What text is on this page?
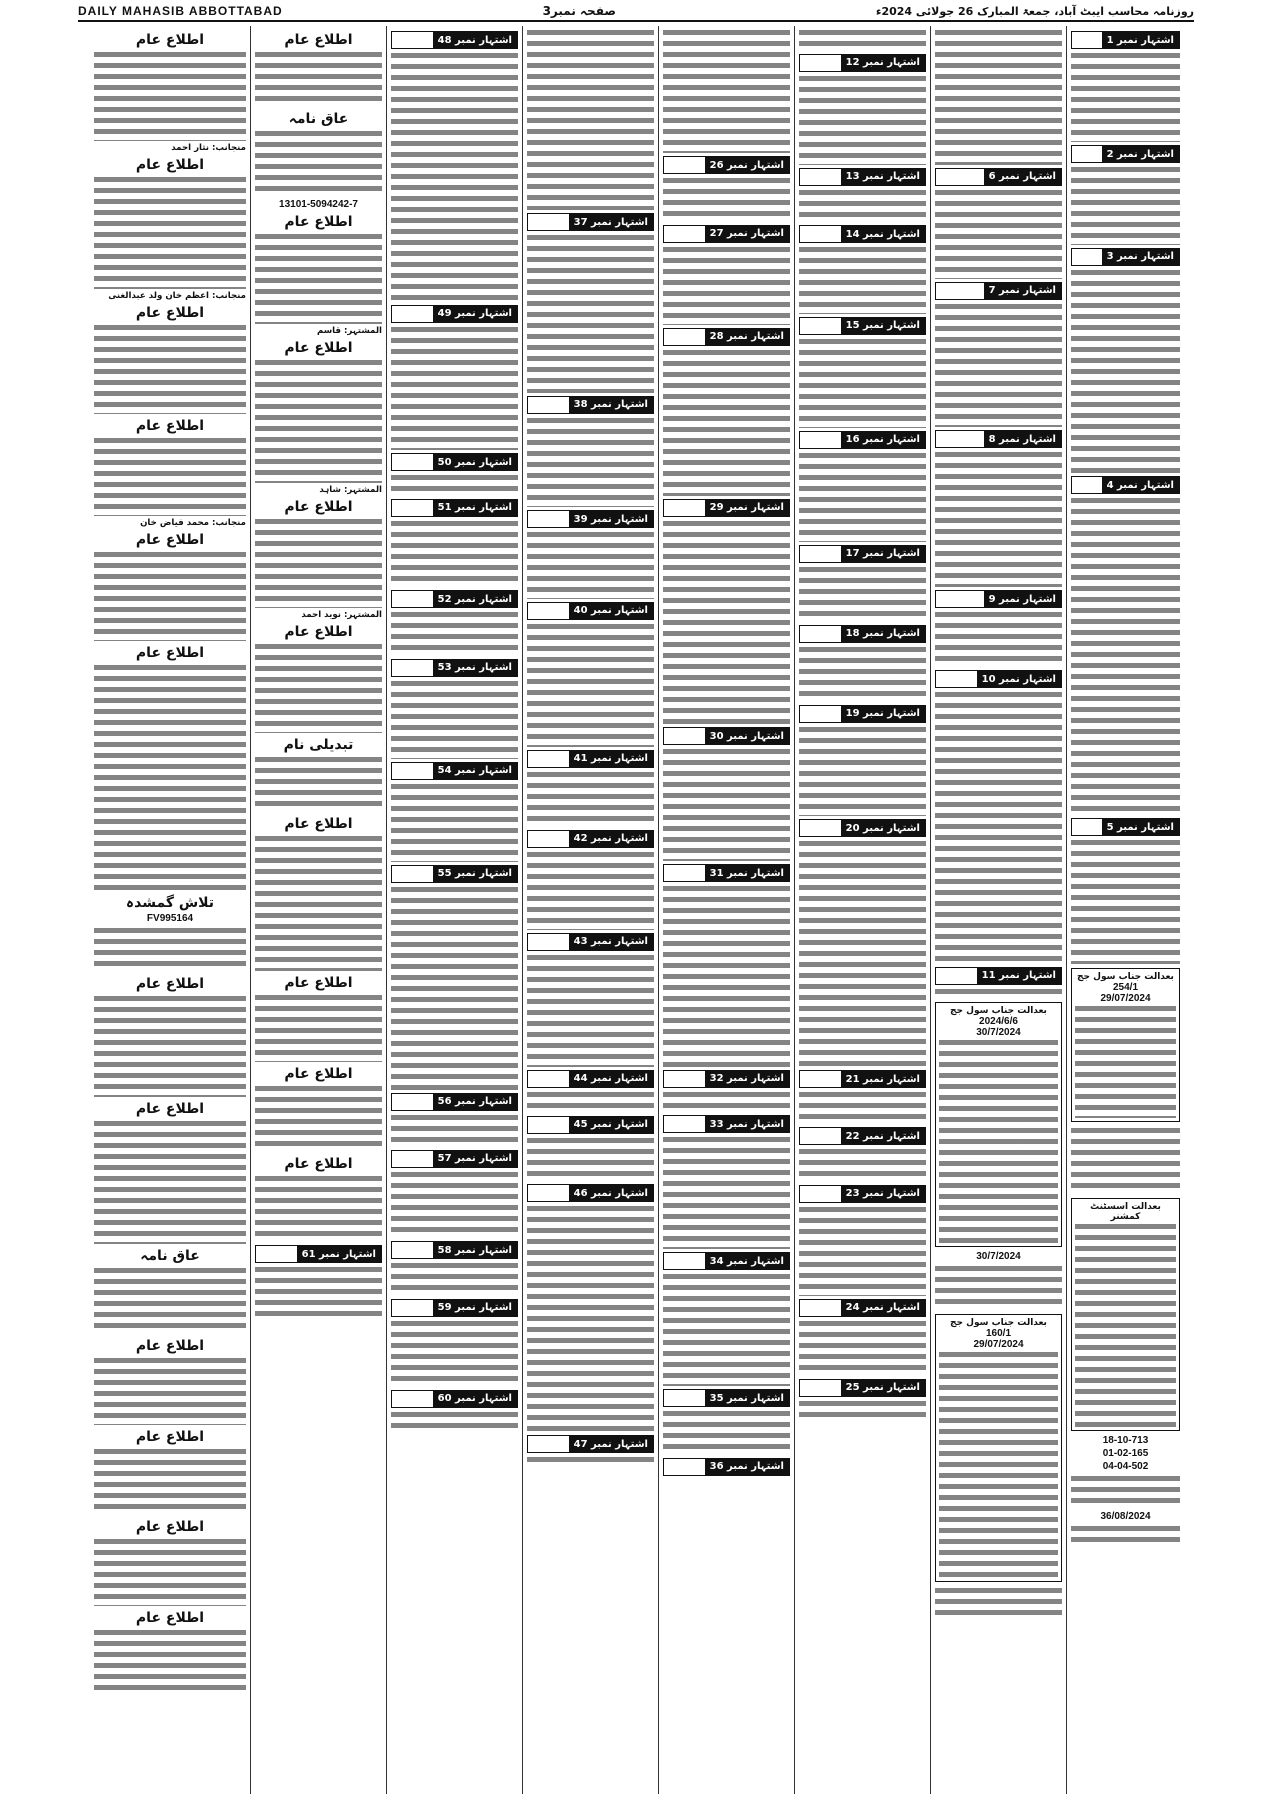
DAILY MAHASIB ABBOTTABAD	صفحہ نمبر3	روزنامہ محاسب ایبٹ آباد، جمعۃ المبارک 26 جولائی 2024ء
اشتہار نمبر 1
اشتہار نمبر 2
اشتہار نمبر 3
اشتہار نمبر 4
اشتہار نمبر 5
بعدالت جناب سول جج
254/1
29/07/2024
بعدالت اسسٹنٹ کمشنر
18-10-713
01-02-165
04-04-502
36/08/2024
اشتہار نمبر 6
اشتہار نمبر 7
اشتہار نمبر 8
اشتہار نمبر 9
اشتہار نمبر 10
اشتہار نمبر 11
بعدالت جناب سول جج
2024/6/6
30/7/2024
30/7/2024
بعدالت جناب سول جج
160/1
29/07/2024
اشتہار نمبر 12
اشتہار نمبر 13
اشتہار نمبر 14
اشتہار نمبر 15
اشتہار نمبر 16
اشتہار نمبر 17
اشتہار نمبر 18
اشتہار نمبر 19
اشتہار نمبر 20
اشتہار نمبر 21
اشتہار نمبر 22
اشتہار نمبر 23
اشتہار نمبر 24
اشتہار نمبر 25
اشتہار نمبر 26
اشتہار نمبر 27
اشتہار نمبر 28
اشتہار نمبر 29
اشتہار نمبر 30
اشتہار نمبر 31
اشتہار نمبر 32
اشتہار نمبر 33
اشتہار نمبر 34
اشتہار نمبر 35
اشتہار نمبر 36
اشتہار نمبر 37
اشتہار نمبر 38
اشتہار نمبر 39
اشتہار نمبر 40
اشتہار نمبر 41
اشتہار نمبر 42
اشتہار نمبر 43
اشتہار نمبر 44
اشتہار نمبر 45
اشتہار نمبر 46
اشتہار نمبر 47
اشتہار نمبر 48
اشتہار نمبر 49
اشتہار نمبر 50
اشتہار نمبر 51
اشتہار نمبر 52
اشتہار نمبر 53
اشتہار نمبر 54
اشتہار نمبر 55
اشتہار نمبر 56
اشتہار نمبر 57
اشتہار نمبر 58
اشتہار نمبر 59
اشتہار نمبر 60
اطلاع عام
عاق نامہ
13101-5094242-7
اطلاع عام
المشتہر: قاسم
اطلاع عام
المشتہر: شاہد
اطلاع عام
المشتہر: نوید احمد
اطلاع عام
تبدیلی نام
اطلاع عام
اطلاع عام
اطلاع عام
اطلاع عام
اشتہار نمبر 61
اطلاع عام
منجانب: نثار احمد
اطلاع عام
منجانب: اعظم خان ولد عبدالغنی
اطلاع عام
اطلاع عام
منجانب: محمد فیاض خان
اطلاع عام
اطلاع عام
تلاش گمشدہ
FV995164
اطلاع عام
اطلاع عام
عاق نامہ
اطلاع عام
اطلاع عام
اطلاع عام
اطلاع عام
